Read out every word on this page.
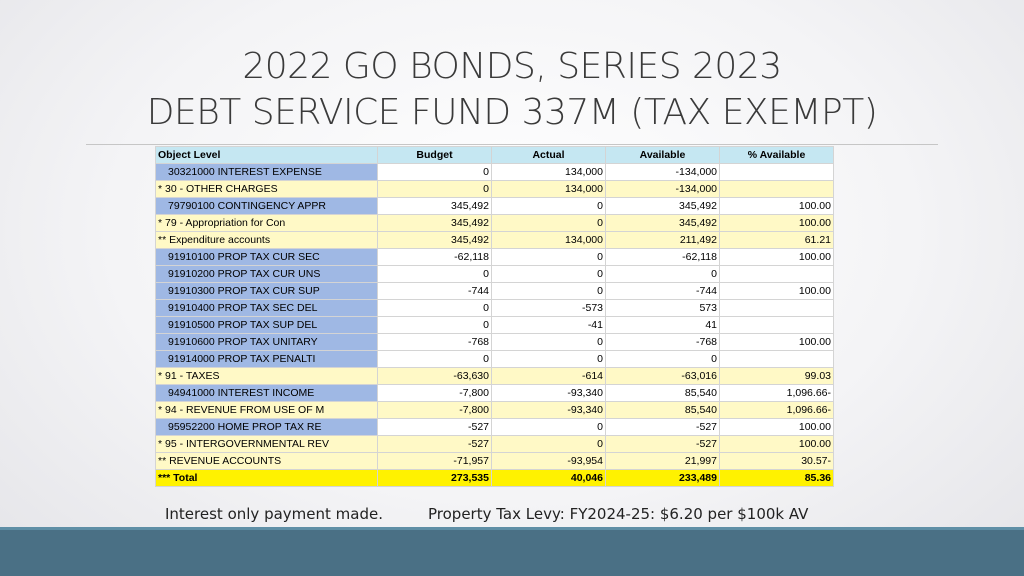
2022 GO BONDS, SERIES 2023
DEBT SERVICE FUND 337M (TAX EXEMPT)
Object Level	Budget	Actual	Available	% Available
30321000 INTEREST EXPENSE	0	134,000	-134,000	
* 30 - OTHER CHARGES	0	134,000	-134,000	
79790100 CONTINGENCY APPR	345,492	0	345,492	100.00
* 79 - Appropriation for Con	345,492	0	345,492	100.00
** Expenditure accounts	345,492	134,000	211,492	61.21
91910100 PROP TAX CUR SEC	-62,118	0	-62,118	100.00
91910200 PROP TAX CUR UNS	0	0	0	
91910300 PROP TAX CUR SUP	-744	0	-744	100.00
91910400 PROP TAX SEC DEL	0	-573	573	
91910500 PROP TAX SUP DEL	0	-41	41	
91910600 PROP TAX UNITARY	-768	0	-768	100.00
91914000 PROP TAX PENALTI	0	0	0	
* 91 - TAXES	-63,630	-614	-63,016	99.03
94941000 INTEREST INCOME	-7,800	-93,340	85,540	1,096.66-
* 94 - REVENUE FROM USE OF M	-7,800	-93,340	85,540	1,096.66-
95952200 HOME PROP TAX RE	-527	0	-527	100.00
* 95 - INTERGOVERNMENTAL REV	-527	0	-527	100.00
** REVENUE ACCOUNTS	-71,957	-93,954	21,997	30.57-
*** Total	273,535	40,046	233,489	85.36
Interest only payment made.	Property Tax Levy: FY2024-25: $6.20 per $100k AV
